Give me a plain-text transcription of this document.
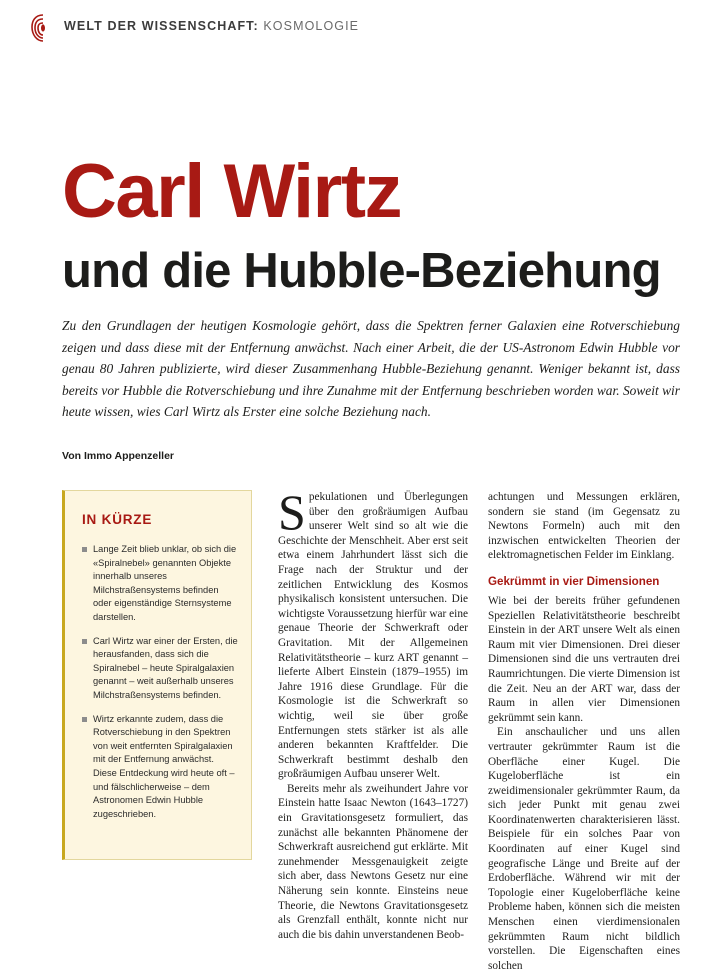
WELT DER WISSENSCHAFT: KOSMOLOGIE
Carl Wirtz
und die Hubble-Beziehung
Zu den Grundlagen der heutigen Kosmologie gehört, dass die Spektren ferner Galaxien eine Rotverschiebung zeigen und dass diese mit der Entfernung anwächst. Nach einer Arbeit, die der US-Astronom Edwin Hubble vor genau 80 Jahren publizierte, wird dieser Zusammenhang Hubble-Beziehung genannt. Weniger bekannt ist, dass bereits vor Hubble die Rotverschiebung und ihre Zunahme mit der Entfernung beschrieben worden war. Soweit wir heute wissen, wies Carl Wirtz als Erster eine solche Beziehung nach.
Von Immo Appenzeller
IN KÜRZE
Lange Zeit blieb unklar, ob sich die «Spiralnebel» genannten Objekte innerhalb unseres Milchstraßensystems befinden oder eigenständige Sternsysteme darstellen.
Carl Wirtz war einer der Ersten, die herausfanden, dass sich die Spiralnebel – heute Spiralgalaxien genannt – weit außerhalb unseres Milchstraßensystems befinden.
Wirtz erkannte zudem, dass die Rotverschiebung in den Spektren von weit entfernten Spiralgalaxien mit der Entfernung anwächst. Diese Entdeckung wird heute oft – und fälschlicherweise – dem Astronomen Edwin Hubble zugeschrieben.

Spekulationen und Überlegungen über den großräumigen Aufbau unserer Welt sind so alt wie die Geschichte der Menschheit. Aber erst seit etwa einem Jahrhundert lässt sich die Frage nach der Struktur und der zeitlichen Entwicklung des Kosmos physikalisch konsistent untersuchen. Die wichtigste Voraussetzung hierfür war eine genaue Theorie der Schwerkraft oder Gravitation. Mit der Allgemeinen Relativitätstheorie – kurz ART genannt – lieferte Albert Einstein (1879–1955) im Jahre 1916 diese Grundlage. Für die Kosmologie ist die Schwerkraft so wichtig, weil sie über große Entfernungen stets stärker ist als alle anderen bekannten Kraftfelder. Die Schwerkraft bestimmt deshalb den großräumigen Aufbau unserer Welt.

Bereits mehr als zweihundert Jahre vor Einstein hatte Isaac Newton (1643–1727) ein Gravitationsgesetz formuliert, das zunächst alle bekannten Phänomene der Schwerkraft ausreichend gut erklärte. Mit zunehmender Messgenauigkeit zeigte sich aber, dass Newtons Gesetz nur eine Näherung sein konnte. Einsteins neue Theorie, die Newtons Gravitationsgesetz als Grenzfall enthält, konnte nicht nur auch die bis dahin unverstandenen Beob-

achtungen und Messungen erklären, sondern sie stand (im Gegensatz zu Newtons Formeln) auch mit den inzwischen entwickelten Theorien der elektromagnetischen Felder im Einklang.

Gekrümmt in vier Dimensionen

Wie bei der bereits früher gefundenen Speziellen Relativitätstheorie beschreibt Einstein in der ART unsere Welt als einen Raum mit vier Dimensionen. Drei dieser Dimensionen sind die uns vertrauten drei Raumrichtungen. Die vierte Dimension ist die Zeit. Neu an der ART war, dass der Raum in allen vier Dimensionen gekrümmt sein kann.

Ein anschaulicher und uns allen vertrauter gekrümmter Raum ist die Oberfläche einer Kugel. Die Kugeloberfläche ist ein zweidimensionaler gekrümmter Raum, da sich jeder Punkt mit genau zwei Koordinatenwerten charakterisieren lässt. Beispiele für ein solches Paar von Koordinaten auf einer Kugel sind geografische Länge und Breite auf der Erdoberfläche. Während wir mit der Topologie einer Kugeloberfläche keine Probleme haben, können sich die meisten Menschen einen vierdimensionalen gekrümmten Raum nicht bildlich vorstellen. Die Eigenschaften eines solchen
